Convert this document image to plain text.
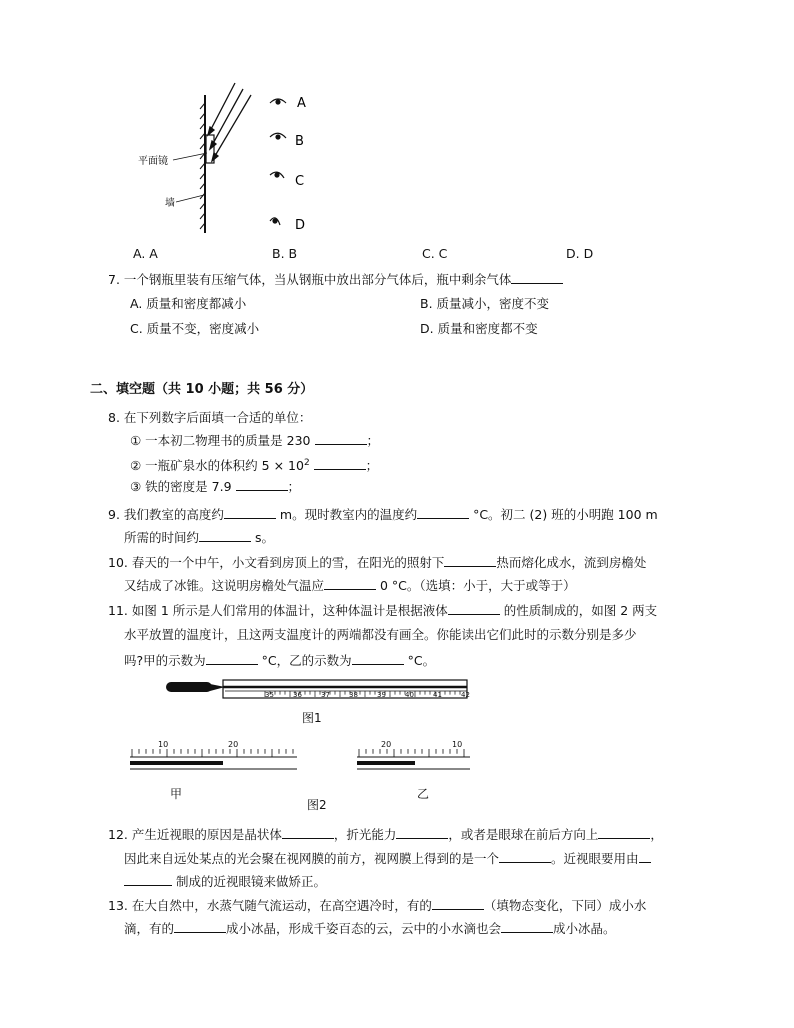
平面镜
墙
A
B
C
D
A. A	B. B	C. C	D. D
7. 一个钢瓶里装有压缩气体，当从钢瓶中放出部分气体后，瓶中剩余气体
A. 质量和密度都减小	B. 质量减小，密度不变
C. 质量不变，密度减小	D. 质量和密度都不变
二、填空题（共 10 小题；共 56 分）
8. 在下列数字后面填一合适的单位：
① 一本初二物理书的质量是 230	；
② 一瓶矿泉水的体积约 $5 \times 10^2$	；
③ 铁的密度是 7.9	；
9. 我们教室的高度约	m。现时教室内的温度约	°C。初二 (2) 班的小明跑 100 m
所需的时间约	s。
10. 春天的一个中午，小文看到房顶上的雪，在阳光的照射下	热而熔化成水，流到房檐处
又结成了冰锥。这说明房檐处气温应	0 °C。（选填：小于，大于或等于）
11. 如图 1 所示是人们常用的体温计，这种体温计是根据液体	的性质制成的，如图 2 两支
水平放置的温度计，且这两支温度计的两端都没有画全。你能读出它们此时的示数分别是多少
吗?甲的示数为	°C，乙的示数为	°C。
35	36	37	38	39	40	41	42
图1
10	20
甲
20	10
乙
图2
12. 产生近视眼的原因是晶状体	，折光能力	，或者是眼球在前后方向上	，
因此来自远处某点的光会聚在视网膜的前方，视网膜上得到的是一个	。近视眼要用由
制成的近视眼镜来做矫正。
13. 在大自然中，水蒸气随气流运动，在高空遇冷时，有的	（填物态变化，下同）成小水
滴，有的	成小冰晶，形成千姿百态的云，云中的小水滴也会	成小冰晶。
